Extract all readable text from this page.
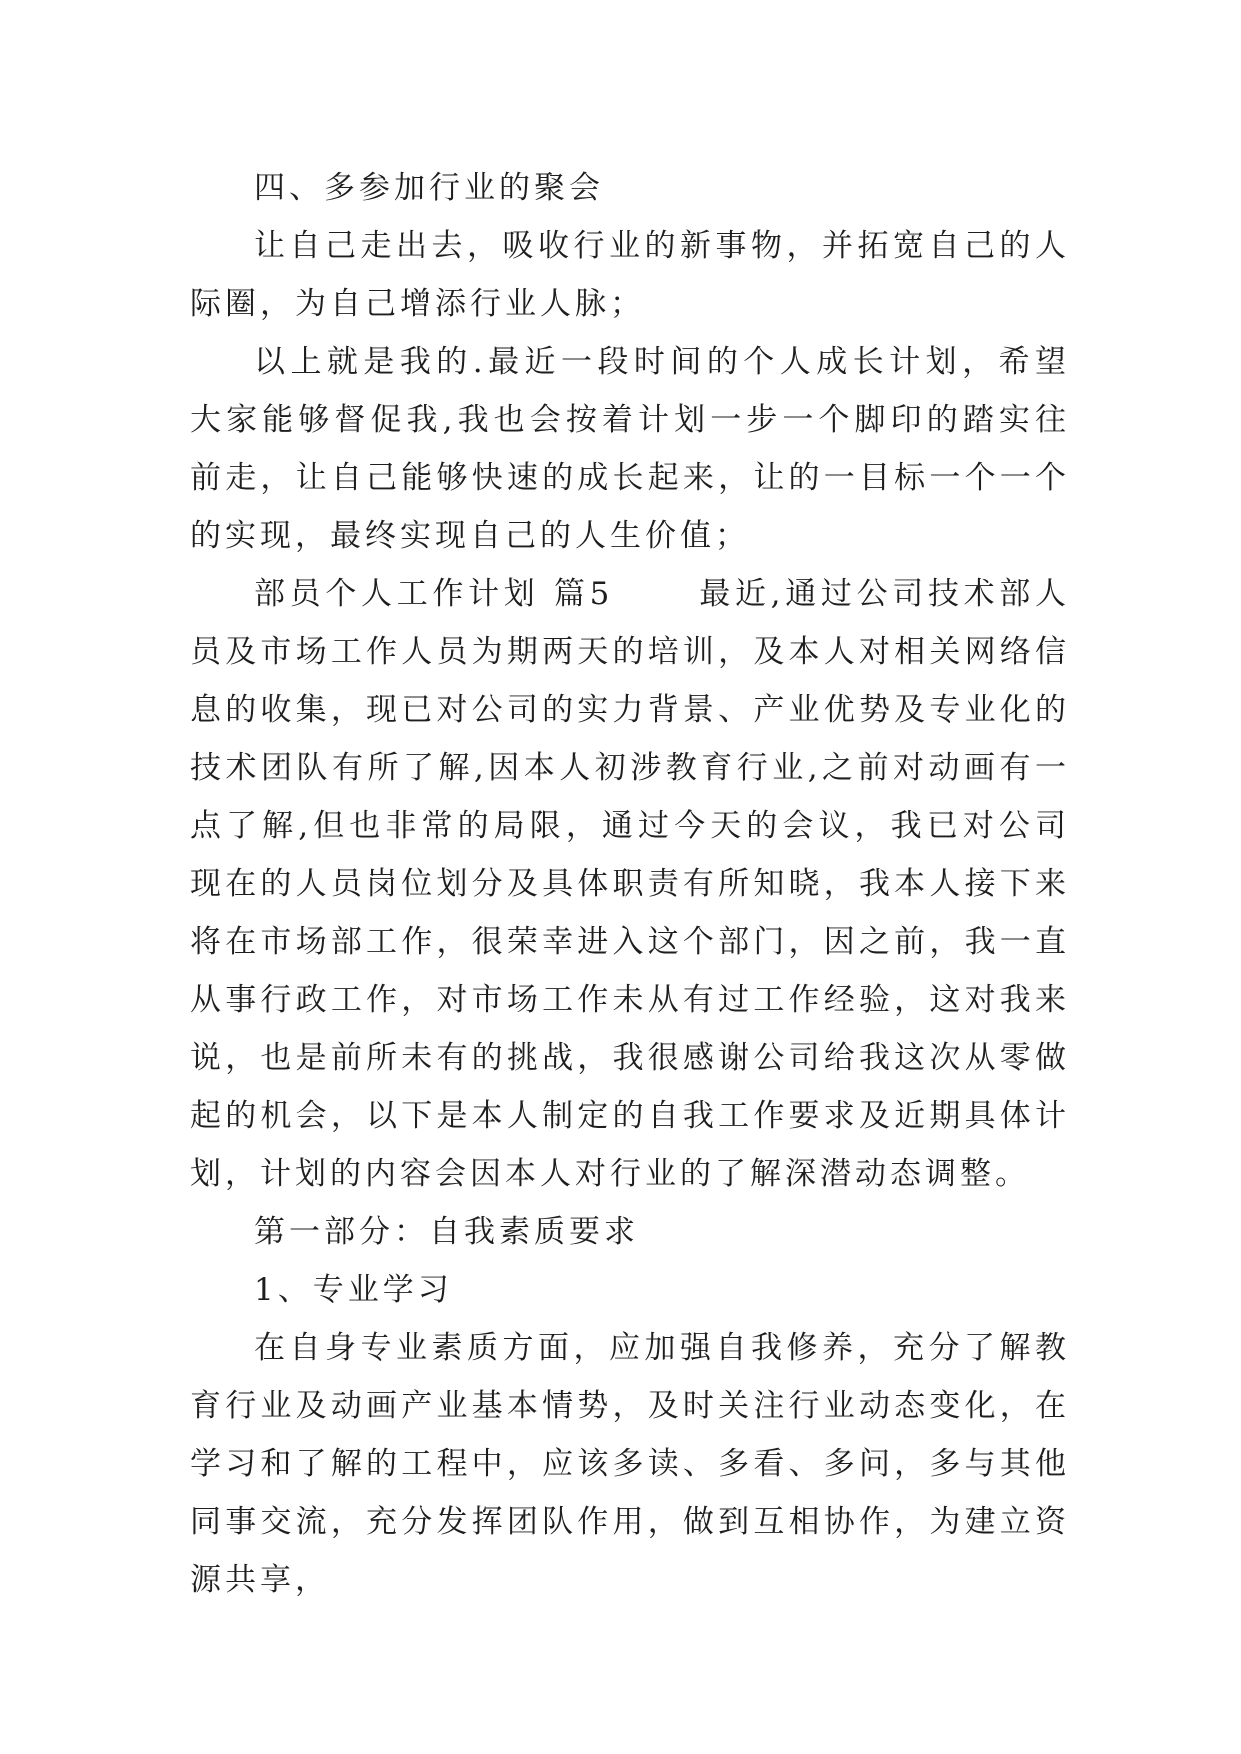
四、多参加行业的聚会

让自己走出去，吸收行业的新事物，并拓宽自己的人际圈，为自己增添行业人脉；

以上就是我的.最近一段时间的个人成长计划，希望大家能够督促我,我也会按着计划一步一个脚印的踏实往前走，让自己能够快速的成长起来，让的一目标一个一个的实现，最终实现自己的人生价值；

部员个人工作计划 篇5 　　最近,通过公司技术部人员及市场工作人员为期两天的培训，及本人对相关网络信息的收集，现已对公司的实力背景、产业优势及专业化的技术团队有所了解,因本人初涉教育行业,之前对动画有一点了解,但也非常的局限，通过今天的会议，我已对公司现在的人员岗位划分及具体职责有所知晓，我本人接下来将在市场部工作，很荣幸进入这个部门，因之前，我一直从事行政工作，对市场工作未从有过工作经验，这对我来说，也是前所未有的挑战，我很感谢公司给我这次从零做起的机会，以下是本人制定的自我工作要求及近期具体计划，计划的内容会因本人对行业的了解深潜动态调整。

第一部分：自我素质要求

1、专业学习

在自身专业素质方面，应加强自我修养，充分了解教育行业及动画产业基本情势，及时关注行业动态变化，在学习和了解的工程中，应该多读、多看、多问，多与其他同事交流，充分发挥团队作用，做到互相协作，为建立资源共享，
